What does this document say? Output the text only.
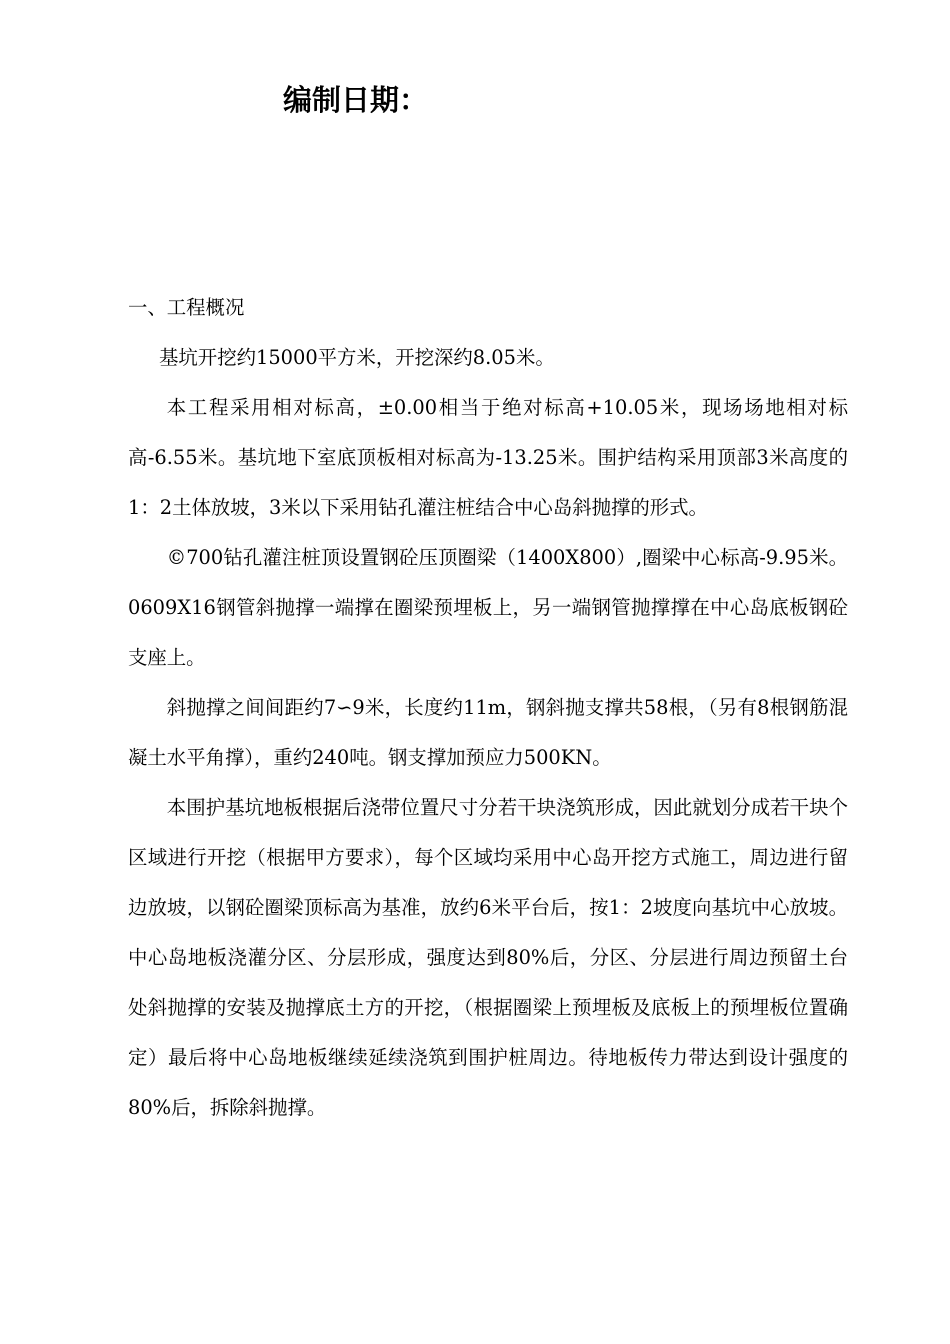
编制日期：
一、工程概况

基坑开挖约15000平方米，开挖深约8.05米。

本工程采用相对标高，±0.00相当于绝对标高+10.05米，现场场地相对标高-6.55米。基坑地下室底顶板相对标高为-13.25米。围护结构采用顶部3米高度的1：2土体放坡，3米以下采用钻孔灌注桩结合中心岛斜抛撑的形式。

©700钻孔灌注桩顶设置钢砼压顶圈梁（1400X800）,圈梁中心标高-9.95米。0609X16钢管斜抛撑一端撑在圈梁预埋板上，另一端钢管抛撑撑在中心岛底板钢砼支座上。

斜抛撑之间间距约7∽9米，长度约11m，钢斜抛支撑共58根，（另有8根钢筋混凝土水平角撑），重约240吨。钢支撑加预应力500KN。

本围护基坑地板根据后浇带位置尺寸分若干块浇筑形成，因此就划分成若干块个区域进行开挖（根据甲方要求），每个区域均采用中心岛开挖方式施工，周边进行留边放坡，以钢砼圈梁顶标高为基准，放约6米平台后，按1：2坡度向基坑中心放坡。中心岛地板浇灌分区、分层形成，强度达到80%后，分区、分层进行周边预留土台处斜抛撑的安装及抛撑底土方的开挖，（根据圈梁上预埋板及底板上的预埋板位置确定）最后将中心岛地板继续延续浇筑到围护桩周边。待地板传力带达到设计强度的80%后，拆除斜抛撑。
